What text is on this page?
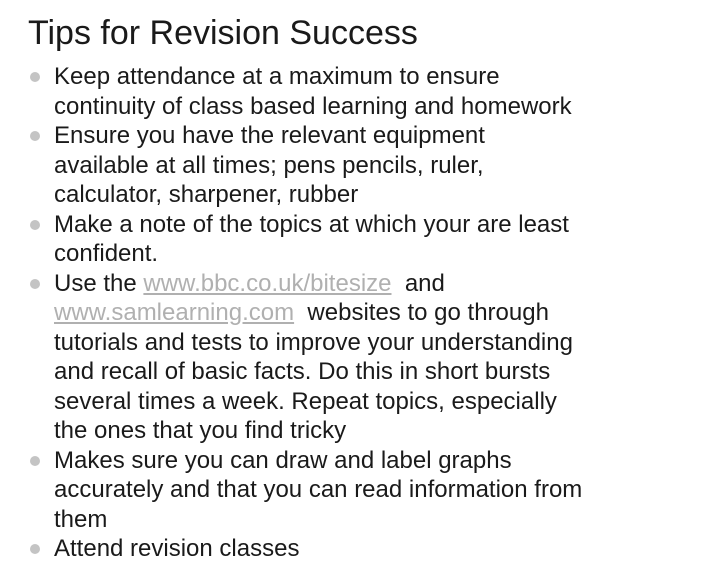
Tips for Revision Success
Keep attendance at a maximum to ensure
continuity of class based learning and homework
Ensure you have the relevant equipment
available at all times; pens pencils, ruler,
calculator, sharpener, rubber
Make a note of the topics at which your are least
confident.
Use the www.bbc.co.uk/bitesize  and
www.samlearning.com  websites to go through
tutorials and tests to improve your understanding
and recall of basic facts. Do this in short bursts
several times a week. Repeat topics, especially
the ones that you find tricky
Makes sure you can draw and label graphs
accurately and that you can read information from
them
Attend revision classes
